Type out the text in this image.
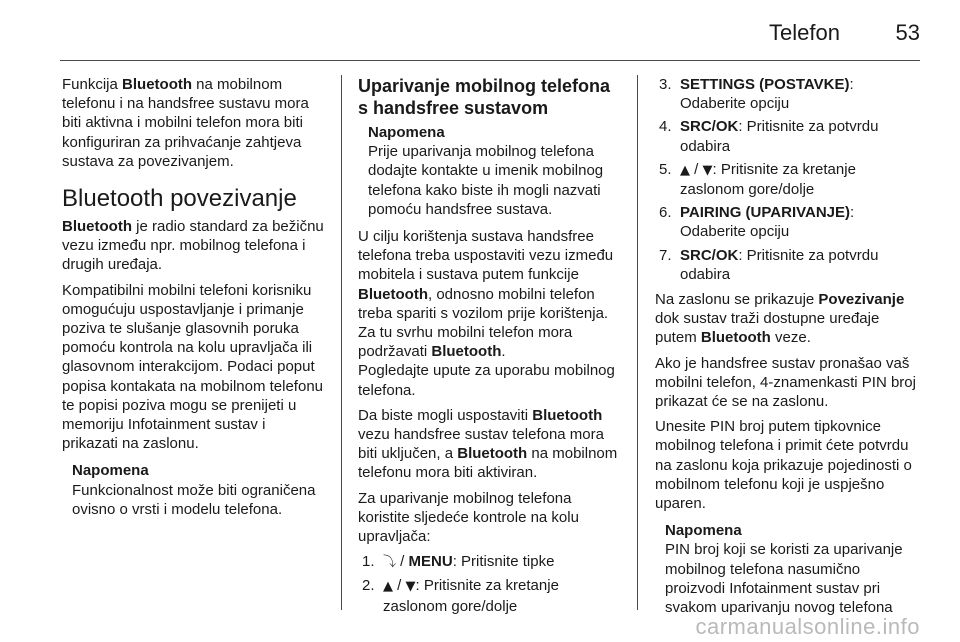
Telefon	53

Funkcija Bluetooth na mobilnom telefonu i na handsfree sustavu mora biti aktivna i mobilni telefon mora biti konfiguriran za prihvaćanje zahtjeva sustava za povezivanjem.

Bluetooth povezivanje

Bluetooth je radio standard za bežičnu vezu između npr. mobilnog telefona i drugih uređaja.

Kompatibilni mobilni telefoni korisniku omogućuju uspostavljanje i primanje poziva te slušanje glasovnih poruka pomoću kontrola na kolu upravljača ili glasovnom interakcijom. Podaci poput popisa kontakata na mobilnom telefonu te popisi poziva mogu se prenijeti u memoriju Infotainment sustav i prikazati na zaslonu.

Napomena
Funkcionalnost može biti ograničena ovisno o vrsti i modelu telefona.
Uparivanje mobilnog telefona s handsfree sustavom
Napomena
Prije uparivanja mobilnog telefona dodajte kontakte u imenik mobilnog telefona kako biste ih mogli nazvati pomoću handsfree sustava.

U cilju korištenja sustava handsfree telefona treba uspostaviti vezu između mobitela i sustava putem funkcije Bluetooth, odnosno mobilni telefon treba spariti s vozilom prije korištenja. Za tu svrhu mobilni telefon mora podržavati Bluetooth.
Pogledajte upute za uporabu mobilnog telefona.

Da biste mogli uspostaviti Bluetooth vezu handsfree sustav telefona mora biti uključen, a Bluetooth na mobilnom telefonu mora biti aktiviran.

Za uparivanje mobilnog telefona koristite sljedeće kontrole na kolu upravljača:

1. ⤵ / MENU: Pritisnite tipke
2. ▲ / ▼: Pritisnite za kretanje zaslonom gore/dolje
3. SETTINGS (POSTAVKE): Odaberite opciju
4. SRC/OK: Pritisnite za potvrdu odabira
5. ▲ / ▼: Pritisnite za kretanje zaslonom gore/dolje
6. PAIRING (UPARIVANJE): Odaberite opciju
7. SRC/OK: Pritisnite za potvrdu odabira

Na zaslonu se prikazuje Povezivanje dok sustav traži dostupne uređaje putem Bluetooth veze.

Ako je handsfree sustav pronašao vaš mobilni telefon, 4-znamenkasti PIN broj prikazat će se na zaslonu.

Unesite PIN broj putem tipkovnice mobilnog telefona i primit ćete potvrdu na zaslonu koja prikazuje pojedinosti o mobilnom telefonu koji je uspješno uparen.

Napomena
PIN broj koji se koristi za uparivanje mobilnog telefona nasumično proizvodi Infotainment sustav pri svakom uparivanju novog telefona
carmanualsonline.info
